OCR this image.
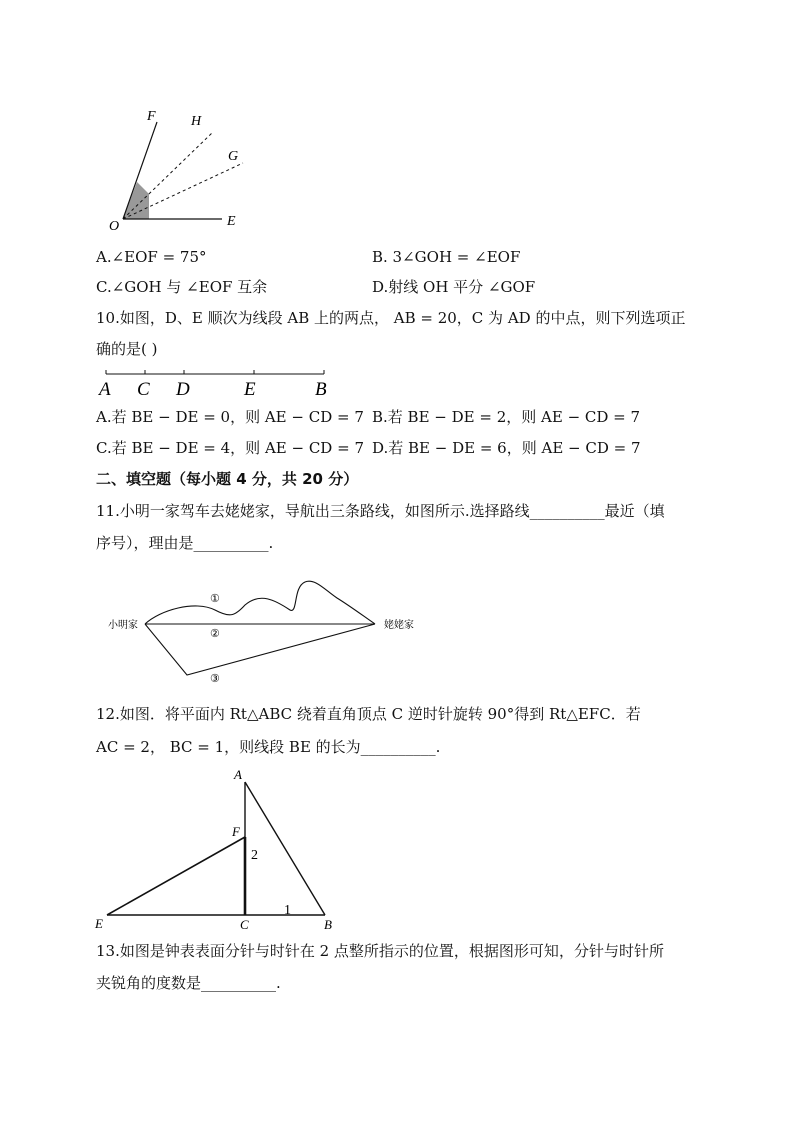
F	H
G
O	E
A.∠EOF = 75°	B. 3∠GOH = ∠EOF
C.∠GOH 与 ∠EOF 互余	D.射线 OH 平分 ∠GOF
10.如图，D、E 顺次为线段 AB 上的两点， AB = 20，C 为 AD 的中点，则下列选项正
确的是( )
A C D	E	B
A.若 BE − DE = 0，则 AE − CD = 7 B.若 BE − DE = 2，则 AE − CD = 7
C.若 BE − DE = 4，则 AE − CD = 7 D.若 BE − DE = 6，则 AE − CD = 7
二、填空题（每小题 4 分，共 20 分）
11.小明一家驾车去姥姥家，导航出三条路线，如图所示.选择路线__________最近（填
序号），理由是__________.
小明家	姥姥家
①
②
③
12.如图．将平面内 Rt△ABC 绕着直角顶点 C 逆时针旋转 90°得到 Rt△EFC．若
AC = 2， BC = 1，则线段 BE 的长为__________.
A
F
E	C	B
2
1
13.如图是钟表表面分针与时针在 2 点整所指示的位置，根据图形可知，分针与时针所
夹锐角的度数是__________.
